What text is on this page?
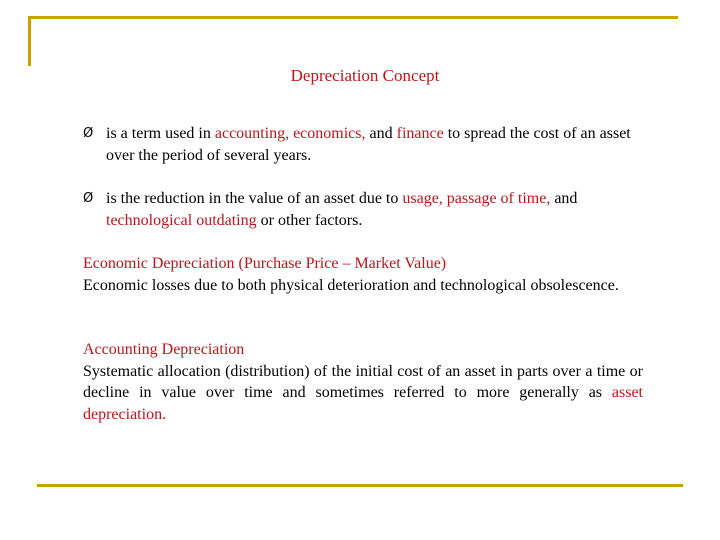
Depreciation Concept
Ø is a term used in accounting, economics, and finance to spread the cost of an asset over the period of several years.
Ø is the reduction in the value of an asset due to usage, passage of time, and technological outdating or other factors.
Economic Depreciation (Purchase Price – Market Value)
Economic losses due to both physical deterioration and technological obsolescence.
Accounting Depreciation
Systematic allocation (distribution) of the initial cost of an asset in parts over a time or decline in value over time and sometimes referred to more generally as asset depreciation.
